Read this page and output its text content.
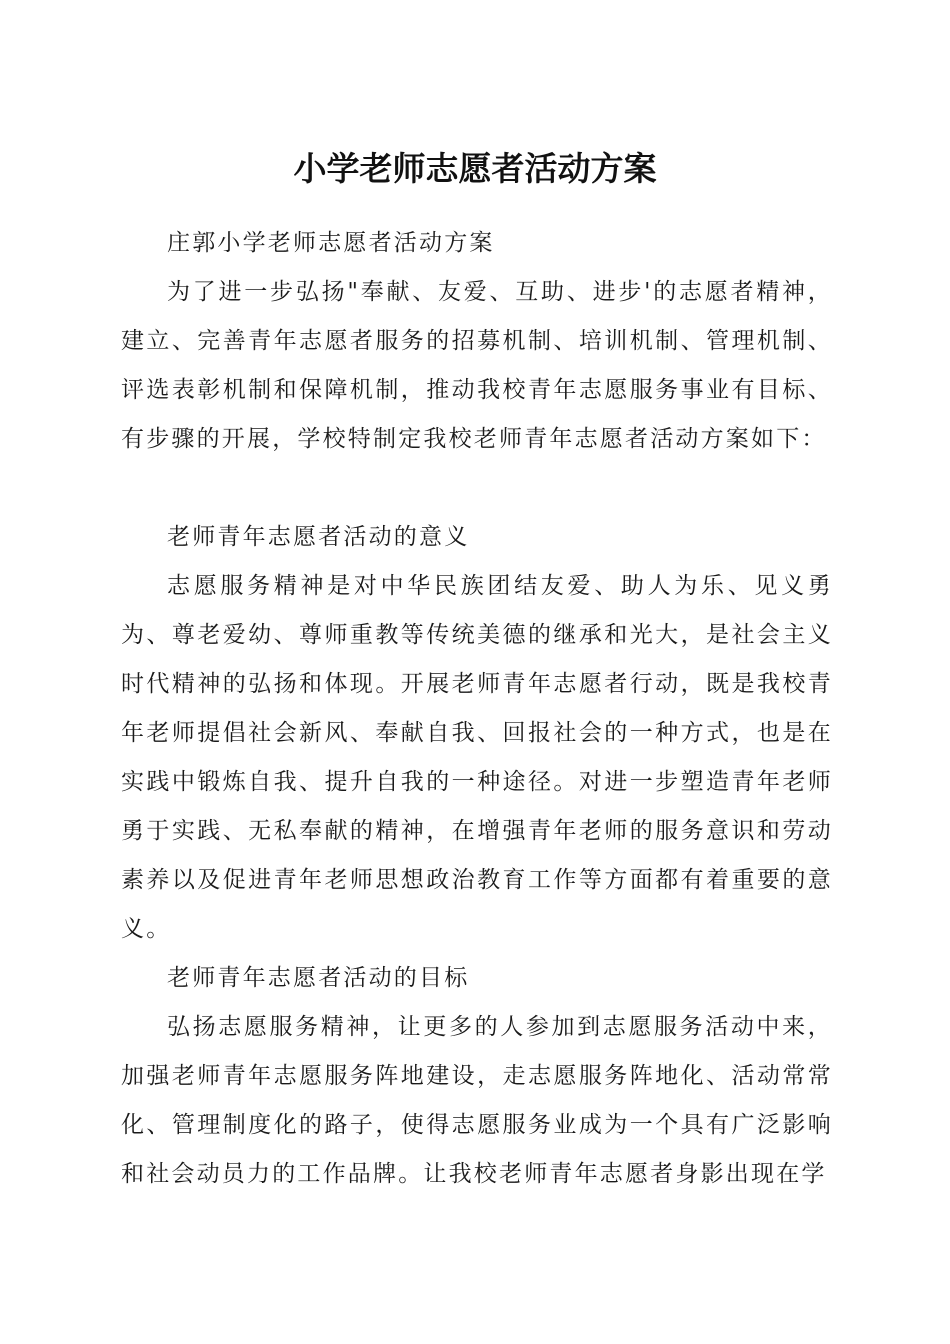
小学老师志愿者活动方案

庄郭小学老师志愿者活动方案

为了进一步弘扬"奉献、友爱、互助、进步'的志愿者精神，建立、完善青年志愿者服务的招募机制、培训机制、管理机制、评选表彰机制和保障机制，推动我校青年志愿服务事业有目标、有步骤的开展，学校特制定我校老师青年志愿者活动方案如下：

老师青年志愿者活动的意义

志愿服务精神是对中华民族团结友爱、助人为乐、见义勇为、尊老爱幼、尊师重教等传统美德的继承和光大，是社会主义时代精神的弘扬和体现。开展老师青年志愿者行动，既是我校青年老师提倡社会新风、奉献自我、回报社会的一种方式，也是在实践中锻炼自我、提升自我的一种途径。对进一步塑造青年老师勇于实践、无私奉献的精神，在增强青年老师的服务意识和劳动素养以及促进青年老师思想政治教育工作等方面都有着重要的意义。

老师青年志愿者活动的目标

弘扬志愿服务精神，让更多的人参加到志愿服务活动中来，加强老师青年志愿服务阵地建设，走志愿服务阵地化、活动常常化、管理制度化的路子，使得志愿服务业成为一个具有广泛影响和社会动员力的工作品牌。让我校老师青年志愿者身影出现在学
